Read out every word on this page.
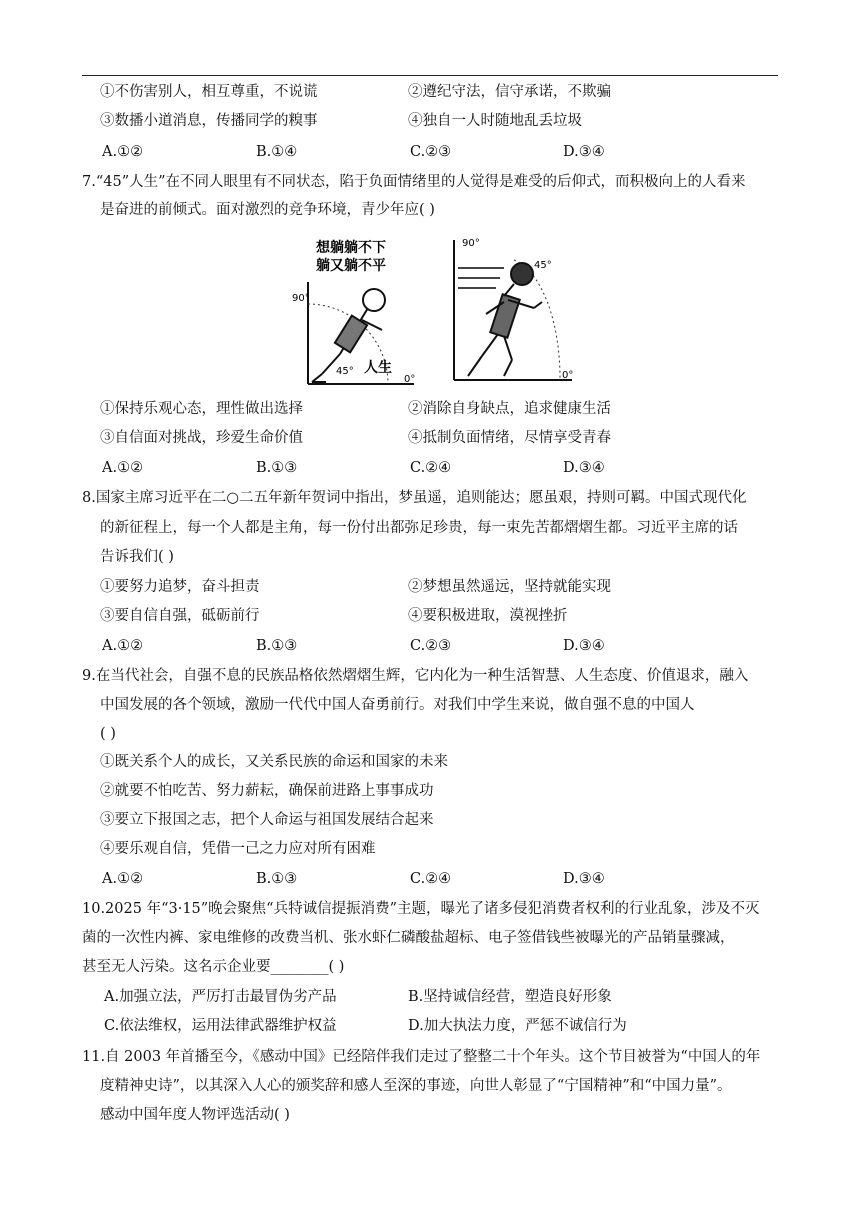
①不伤害别人，相互尊重，不说谎	②遵纪守法，信守承诺，不欺骗
③数播小道消息，传播同学的糗事	④独自一人时随地乱丢垃圾
A.①②	B.①④	C.②③	D.③④
7.“45”人生”在不同人眼里有不同状态，陷于负面情绪里的人觉得是难受的后仰式，而积极向上的人看来
是奋进的前倾式。面对激烈的竞争环境，青少年应( )
90°
45° 人生
0°
想躺躺不下
躺又躺不平
90°
45°
0°
①保持乐观心态，理性做出选择	②消除自身缺点，追求健康生活
③自信面对挑战，珍爱生命价值	④抵制负面情绪，尽情享受青春
A.①②	B.①③	C.②④	D.③④
8.国家主席习近平在二○二五年新年贺词中指出，梦虽遥，追则能达；愿虽艰，持则可羁。中国式现代化
的新征程上，每一个人都是主角，每一份付出都弥足珍贵，每一束先苦都熠熠生都。习近平主席的话
告诉我们( )
①要努力追梦，奋斗担责	②梦想虽然遥远，坚持就能实现
③要自信自强，砥砺前行	④要积极进取，漠视挫折
A.①②	B.①③	C.②③	D.③④
9.在当代社会，自强不息的民族品格依然熠熠生辉，它内化为一种生活智慧、人生态度、价值退求，融入
中国发展的各个领域，激励一代代中国人奋勇前行。对我们中学生来说，做自强不息的中国人
( )
①既关系个人的成长，又关系民族的命运和国家的未来
②就要不怕吃苦、努力薪耘，确保前进路上事事成功
③要立下报国之志，把个人命运与祖国发展结合起来
④要乐观自信，凭借一己之力应对所有困难
A.①②	B.①③	C.②④	D.③④
10.2025 年“3·15”晚会聚焦“兵特诚信提振消费”主题，曝光了诸多侵犯消费者权利的行业乱象，涉及不灭
菌的一次性内裤、家电维修的改费当机、张水虾仁磷酸盐超标、电子签借钱些被曝光的产品销量骤减，
甚至无人污染。这名示企业要________( )
A.加强立法，严厉打击最冒伪劣产品	B.坚持诚信经营，塑造良好形象
C.依法维权，运用法律武器维护权益	D.加大执法力度，严惩不诚信行为
11.自 2003 年首播至今，《感动中国》已经陪伴我们走过了整整二十个年头。这个节目被誉为“中国人的年
度精神史诗”，以其深入人心的颁奖辞和感人至深的事迹，向世人彰显了“宁国精神”和“中国力量”。
感动中国年度人物评选活动( )
